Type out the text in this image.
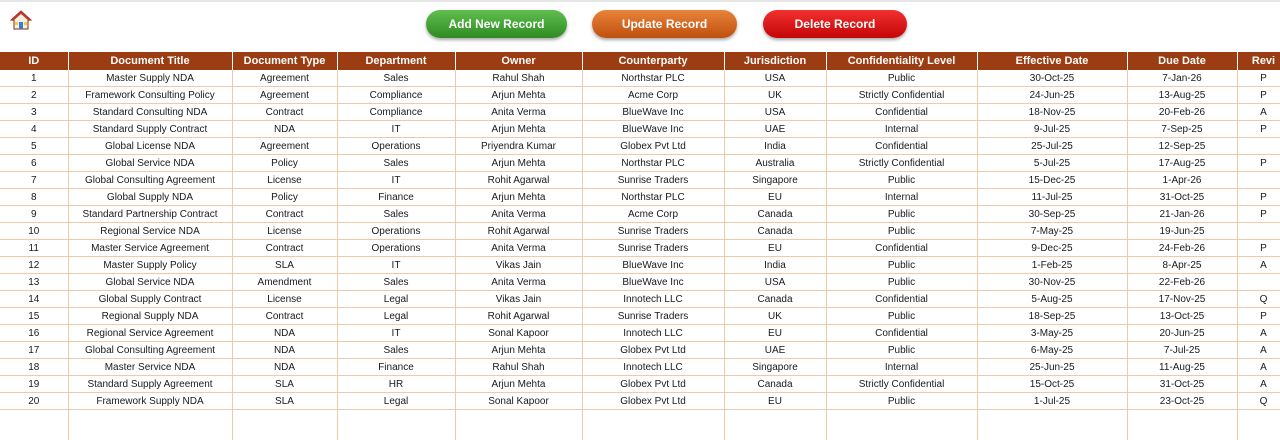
Add New Record	Update Record	Delete Record
ID	Document Title	Document Type	Department	Owner	Counterparty	Jurisdiction	Confidentiality Level	Effective Date	Due Date	Revi
1	Master Supply NDA	Agreement	Sales	Rahul Shah	Northstar PLC	USA	Public	30-Oct-25	7-Jan-26	P
2	Framework Consulting Policy	Agreement	Compliance	Arjun Mehta	Acme Corp	UK	Strictly Confidential	24-Jun-25	13-Aug-25	P
3	Standard Consulting NDA	Contract	Compliance	Anita Verma	BlueWave Inc	USA	Confidential	18-Nov-25	20-Feb-26	A
4	Standard Supply Contract	NDA	IT	Arjun Mehta	BlueWave Inc	UAE	Internal	9-Jul-25	7-Sep-25	P
5	Global License NDA	Agreement	Operations	Priyendra Kumar	Globex Pvt Ltd	India	Confidential	25-Jul-25	12-Sep-25	
6	Global Service NDA	Policy	Sales	Arjun Mehta	Northstar PLC	Australia	Strictly Confidential	5-Jul-25	17-Aug-25	P
7	Global Consulting Agreement	License	IT	Rohit Agarwal	Sunrise Traders	Singapore	Public	15-Dec-25	1-Apr-26	
8	Global Supply NDA	Policy	Finance	Arjun Mehta	Northstar PLC	EU	Internal	11-Jul-25	31-Oct-25	P
9	Standard Partnership Contract	Contract	Sales	Anita Verma	Acme Corp	Canada	Public	30-Sep-25	21-Jan-26	P
10	Regional Service NDA	License	Operations	Rohit Agarwal	Sunrise Traders	Canada	Public	7-May-25	19-Jun-25	
11	Master Service Agreement	Contract	Operations	Anita Verma	Sunrise Traders	EU	Confidential	9-Dec-25	24-Feb-26	P
12	Master Supply Policy	SLA	IT	Vikas Jain	BlueWave Inc	India	Public	1-Feb-25	8-Apr-25	A
13	Global Service NDA	Amendment	Sales	Anita Verma	BlueWave Inc	USA	Public	30-Nov-25	22-Feb-26	
14	Global Supply Contract	License	Legal	Vikas Jain	Innotech LLC	Canada	Confidential	5-Aug-25	17-Nov-25	Q
15	Regional Supply NDA	Contract	Legal	Rohit Agarwal	Sunrise Traders	UK	Public	18-Sep-25	13-Oct-25	P
16	Regional Service Agreement	NDA	IT	Sonal Kapoor	Innotech LLC	EU	Confidential	3-May-25	20-Jun-25	A
17	Global Consulting Agreement	NDA	Sales	Arjun Mehta	Globex Pvt Ltd	UAE	Public	6-May-25	7-Jul-25	A
18	Master Service NDA	NDA	Finance	Rahul Shah	Innotech LLC	Singapore	Internal	25-Jun-25	11-Aug-25	A
19	Standard Supply Agreement	SLA	HR	Arjun Mehta	Globex Pvt Ltd	Canada	Strictly Confidential	15-Oct-25	31-Oct-25	A
20	Framework Supply NDA	SLA	Legal	Sonal Kapoor	Globex Pvt Ltd	EU	Public	1-Jul-25	23-Oct-25	Q
